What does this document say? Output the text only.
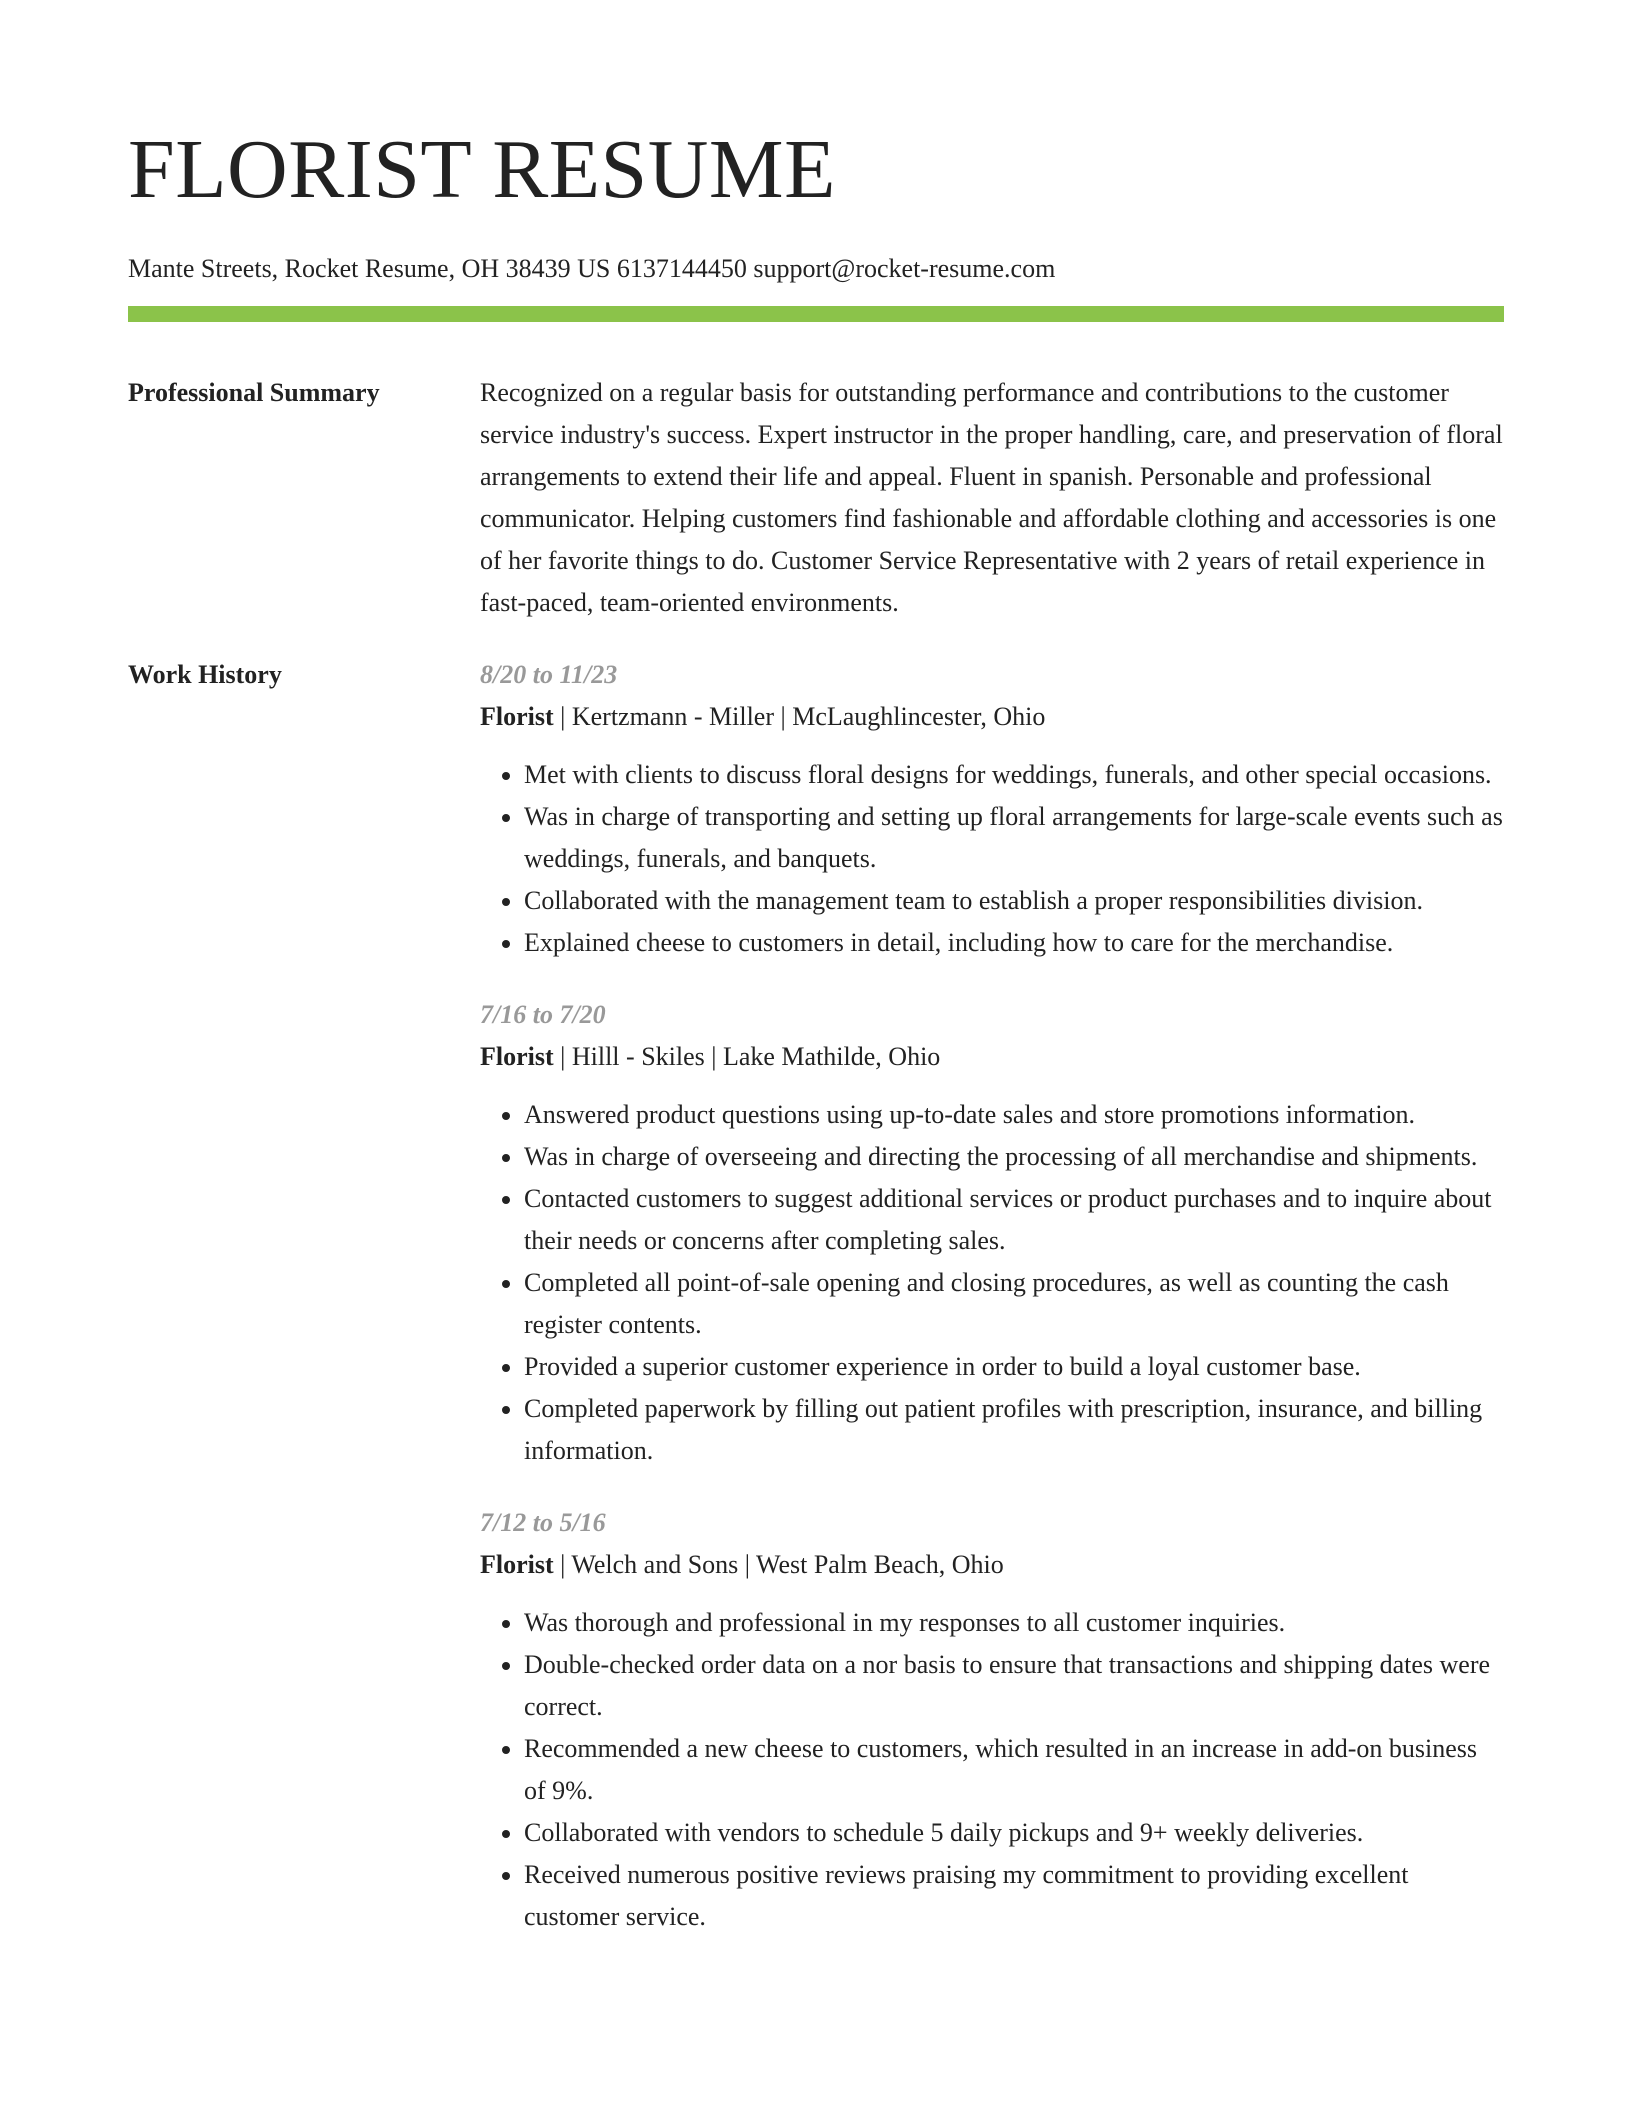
FLORIST RESUME
Mante Streets, Rocket Resume, OH 38439 US 6137144450 support@rocket-resume.com
Professional Summary	Recognized on a regular basis for outstanding performance and contributions to the customer service industry's success. Expert instructor in the proper handling, care, and preservation of floral arrangements to extend their life and appeal. Fluent in spanish. Personable and professional communicator. Helping customers find fashionable and affordable clothing and accessories is one of her favorite things to do. Customer Service Representative with 2 years of retail experience in fast-paced, team-oriented environments.
Work History	8/20 to 11/23
Florist | Kertzmann - Miller | McLaughlincester, Ohio
• Met with clients to discuss floral designs for weddings, funerals, and other special occasions.
• Was in charge of transporting and setting up floral arrangements for large-scale events such as weddings, funerals, and banquets.
• Collaborated with the management team to establish a proper responsibilities division.
• Explained cheese to customers in detail, including how to care for the merchandise.
7/16 to 7/20
Florist | Hilll - Skiles | Lake Mathilde, Ohio
• Answered product questions using up-to-date sales and store promotions information.
• Was in charge of overseeing and directing the processing of all merchandise and shipments.
• Contacted customers to suggest additional services or product purchases and to inquire about their needs or concerns after completing sales.
• Completed all point-of-sale opening and closing procedures, as well as counting the cash register contents.
• Provided a superior customer experience in order to build a loyal customer base.
• Completed paperwork by filling out patient profiles with prescription, insurance, and billing information.
7/12 to 5/16
Florist | Welch and Sons | West Palm Beach, Ohio
• Was thorough and professional in my responses to all customer inquiries.
• Double-checked order data on a nor basis to ensure that transactions and shipping dates were correct.
• Recommended a new cheese to customers, which resulted in an increase in add-on business of 9%.
• Collaborated with vendors to schedule 5 daily pickups and 9+ weekly deliveries.
• Received numerous positive reviews praising my commitment to providing excellent customer service.
